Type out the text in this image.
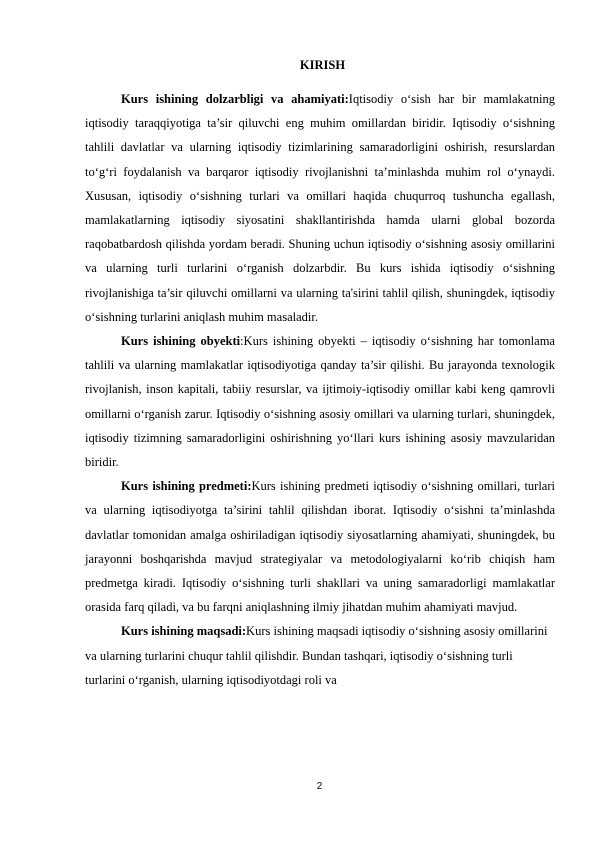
KIRISH

Kurs ishining dolzarbligi va ahamiyati:Iqtisodiy o‘sish har bir mamlakatning iqtisodiy taraqqiyotiga ta’sir qiluvchi eng muhim omillardan biridir. Iqtisodiy o‘sishning tahlili davlatlar va ularning iqtisodiy tizimlarining samaradorligini oshirish, resurslardan to‘g‘ri foydalanish va barqaror iqtisodiy rivojlanishni ta’minlashda muhim rol o‘ynaydi. Xususan, iqtisodiy o‘sishning turlari va omillari haqida chuqurroq tushuncha egallash, mamlakatlarning iqtisodiy siyosatini shakllantirishda hamda ularni global bozorda raqobatbardosh qilishda yordam beradi. Shuning uchun iqtisodiy o‘sishning asosiy omillarini va ularning turli turlarini o‘rganish dolzarbdir. Bu kurs ishida iqtisodiy o‘sishning rivojlanishiga ta’sir qiluvchi omillarni va ularning ta'sirini tahlil qilish, shuningdek, iqtisodiy o‘sishning turlarini aniqlash muhim masaladir.

Kurs ishining obyekti:Kurs ishining obyekti – iqtisodiy o‘sishning har tomonlama tahlili va ularning mamlakatlar iqtisodiyotiga qanday ta’sir qilishi. Bu jarayonda texnologik rivojlanish, inson kapitali, tabiiy resurslar, va ijtimoiy-iqtisodiy omillar kabi keng qamrovli omillarni o‘rganish zarur. Iqtisodiy o‘sishning asosiy omillari va ularning turlari, shuningdek, iqtisodiy tizimning samaradorligini oshirishning yo‘llari kurs ishining asosiy mavzularidan biridir.

Kurs ishining predmeti:Kurs ishining predmeti iqtisodiy o‘sishning omillari, turlari va ularning iqtisodiyotga ta’sirini tahlil qilishdan iborat. Iqtisodiy o‘sishni ta’minlashda davlatlar tomonidan amalga oshiriladigan iqtisodiy siyosatlarning ahamiyati, shuningdek, bu jarayonni boshqarishda mavjud strategiyalar va metodologiyalarni ko‘rib chiqish ham predmetga kiradi. Iqtisodiy o‘sishning turli shakllari va uning samaradorligi mamlakatlar orasida farq qiladi, va bu farqni aniqlashning ilmiy jihatdan muhim ahamiyati mavjud.

Kurs ishining maqsadi:Kurs ishining maqsadi iqtisodiy o‘sishning asosiy omillarini va ularning turlarini chuqur tahlil qilishdir. Bundan tashqari, iqtisodiy o‘sishning turli turlarini o‘rganish, ularning iqtisodiyotdagi roli va

2
